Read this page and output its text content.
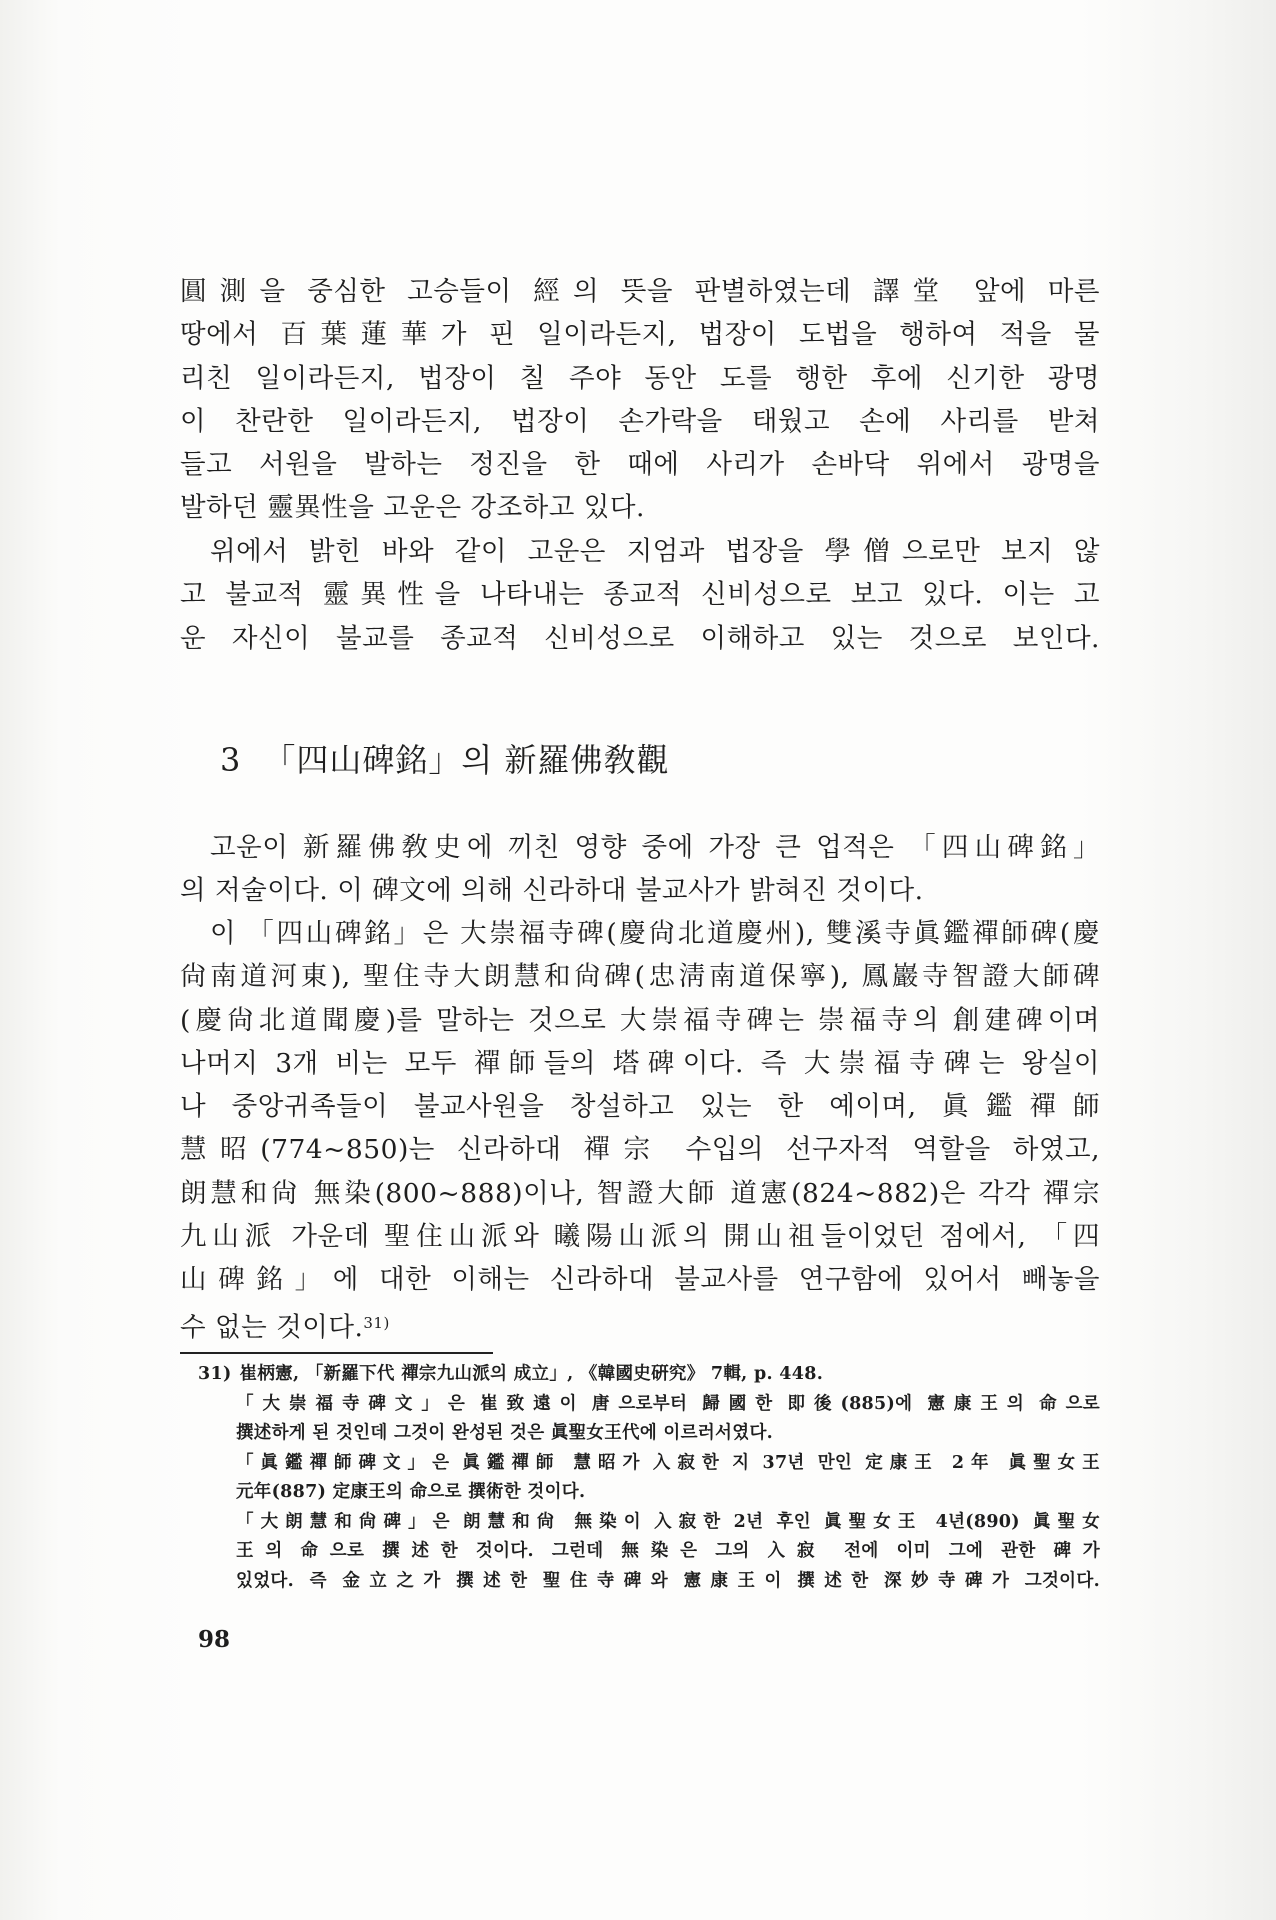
圓測을 중심한 고승들이 經의 뜻을 판별하였는데 譯堂 앞에 마른

땅에서 百葉蓮華가 핀 일이라든지, 법장이 도법을 행하여 적을 물

리친 일이라든지, 법장이 칠 주야 동안 도를 행한 후에 신기한 광명

이 찬란한 일이라든지, 법장이 손가락을 태웠고 손에 사리를 받쳐

들고 서원을 발하는 정진을 한 때에 사리가 손바닥 위에서 광명을

발하던 靈異性을 고운은 강조하고 있다.

위에서 밝힌 바와 같이 고운은 지엄과 법장을 學僧으로만 보지 않

고 불교적 靈異性을 나타내는 종교적 신비성으로 보고 있다. 이는 고

운 자신이 불교를 종교적 신비성으로 이해하고 있는 것으로 보인다.

3 「四山碑銘」의 新羅佛敎觀

고운이 新羅佛敎史에 끼친 영향 중에 가장 큰 업적은 「四山碑銘」

의 저술이다. 이 碑文에 의해 신라하대 불교사가 밝혀진 것이다.

이 「四山碑銘」은 大崇福寺碑(慶尙北道慶州), 雙溪寺眞鑑禪師碑(慶

尙南道河東), 聖住寺大朗慧和尙碑(忠淸南道保寧), 鳳巖寺智證大師碑

(慶尙北道聞慶)를 말하는 것으로 大崇福寺碑는 崇福寺의 創建碑이며

나머지 3개 비는 모두 禪師들의 塔碑이다. 즉 大崇福寺碑는 왕실이

나 중앙귀족들이 불교사원을 창설하고 있는 한 예이며, 眞鑑禪師

慧昭(774~850)는 신라하대 禪宗 수입의 선구자적 역할을 하였고,

朗慧和尙 無染(800~888)이나, 智證大師 道憲(824~882)은 각각 禪宗

九山派 가운데 聖住山派와 曦陽山派의 開山祖들이었던 점에서, 「四

山碑銘」에 대한 이해는 신라하대 불교사를 연구함에 있어서 빼놓을

수 없는 것이다.$^{31)}$

31) 崔柄憲, 「新羅下代 禪宗九山派의 成立」, 《韓國史硏究》 7輯, p. 448.

「大崇福寺碑文」은 崔致遠이 唐으로부터 歸國한 即後(885)에 憲康王의 命으로

撰述하게 된 것인데 그것이 완성된 것은 眞聖女王代에 이르러서였다.

「眞鑑禪師碑文」은 眞鑑禪師 慧昭가 入寂한 지 37년 만인 定康王 2年 眞聖女王

元年(887) 定康王의 命으로 撰術한 것이다.

「大朗慧和尙碑」은 朗慧和尙 無染이 入寂한 2년 후인 眞聖女王 4년(890) 眞聖女

王의 命으로 撰述한 것이다. 그런데 無染은 그의 入寂 전에 이미 그에 관한 碑가

있었다. 즉 金立之가 撰述한 聖住寺碑와 憲康王이 撰述한 深妙寺碑가 그것이다.

98
